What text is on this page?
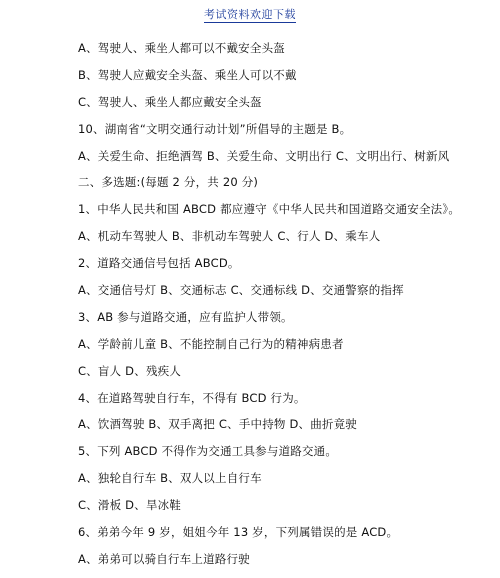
考试资料欢迎下载
A、驾驶人、乘坐人都可以不戴安全头盔
B、驾驶人应戴安全头盔、乘坐人可以不戴
C、驾驶人、乘坐人都应戴安全头盔
10、湖南省“文明交通行动计划”所倡导的主题是 B。
A、关爱生命、拒绝酒驾 B、关爱生命、文明出行 C、文明出行、树新风
二、多选题:(每题 2 分，共 20 分)
1、中华人民共和国 ABCD 都应遵守《中华人民共和国道路交通安全法》。
A、机动车驾驶人 B、非机动车驾驶人 C、行人 D、乘车人
2、道路交通信号包括 ABCD。
A、交通信号灯 B、交通标志 C、交通标线 D、交通警察的指挥
3、AB 参与道路交通，应有监护人带领。
A、学龄前儿童 B、不能控制自己行为的精神病患者
C、盲人 D、残疾人
4、在道路驾驶自行车，不得有 BCD 行为。
A、饮酒驾驶 B、双手离把 C、手中持物 D、曲折竟驶
5、下列 ABCD 不得作为交通工具参与道路交通。
A、独轮自行车 B、双人以上自行车
C、滑板 D、旱冰鞋
6、弟弟今年 9 岁，姐姐今年 13 岁，下列属错误的是 ACD。
A、弟弟可以骑自行车上道路行驶
